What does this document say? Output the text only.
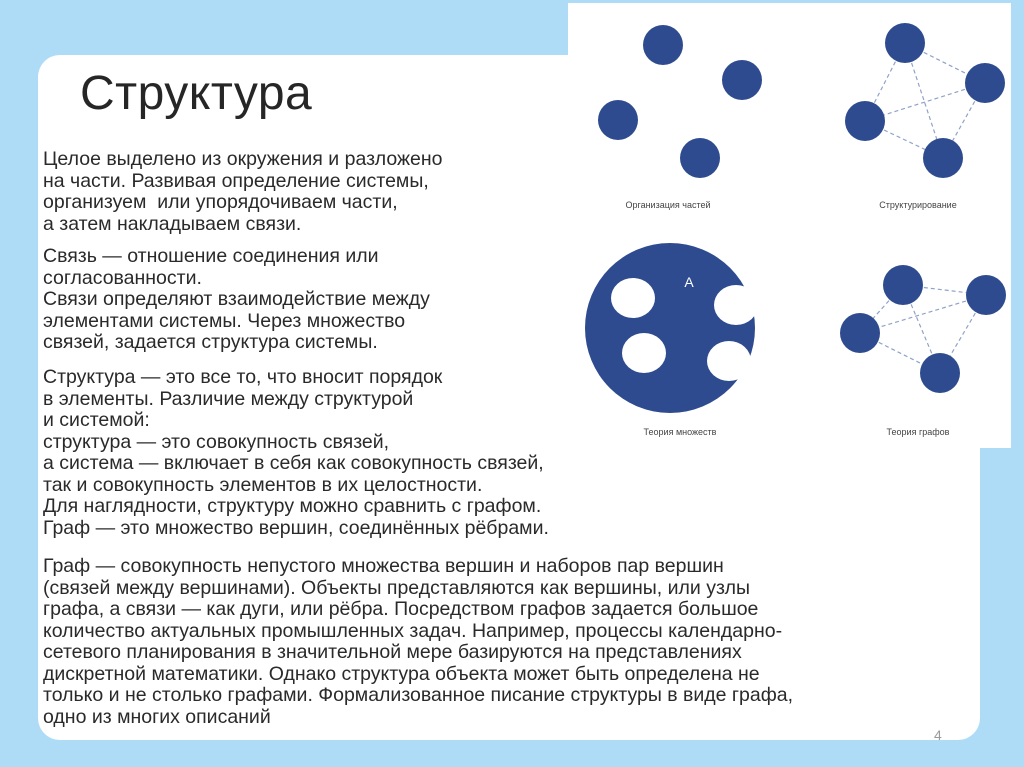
Организация частей	Структурирование
A
Теория множеств	Теория графов
Структура
Целое выделено из окружения и разложено
на части. Развивая определение системы,
организуем  или упорядочиваем части,
а затем накладываем связи.
Связь — отношение соединения или
согласованности.
Связи определяют взаимодействие между
элементами системы. Через множество
связей, задается структура системы.
Структура — это все то, что вносит порядок
в элементы. Различие между структурой
и системой:
структура — это совокупность связей,
а система — включает в себя как совокупность связей,
так и совокупность элементов в их целостности.
Для наглядности, структуру можно сравнить с графом.
Граф — это множество вершин, соединённых рёбрами.
Граф — совокупность непустого множества вершин и наборов пар вершин
(связей между вершинами). Объекты представляются как вершины, или узлы
графа, а связи — как дуги, или рёбра. Посредством графов задается большое
количество актуальных промышленных задач. Например, процессы календарно-
сетевого планирования в значительной мере базируются на представлениях
дискретной математики. Однако структура объекта может быть определена не
только и не столько графами. Формализованное писание структуры в виде графа,
одно из многих описаний
4
